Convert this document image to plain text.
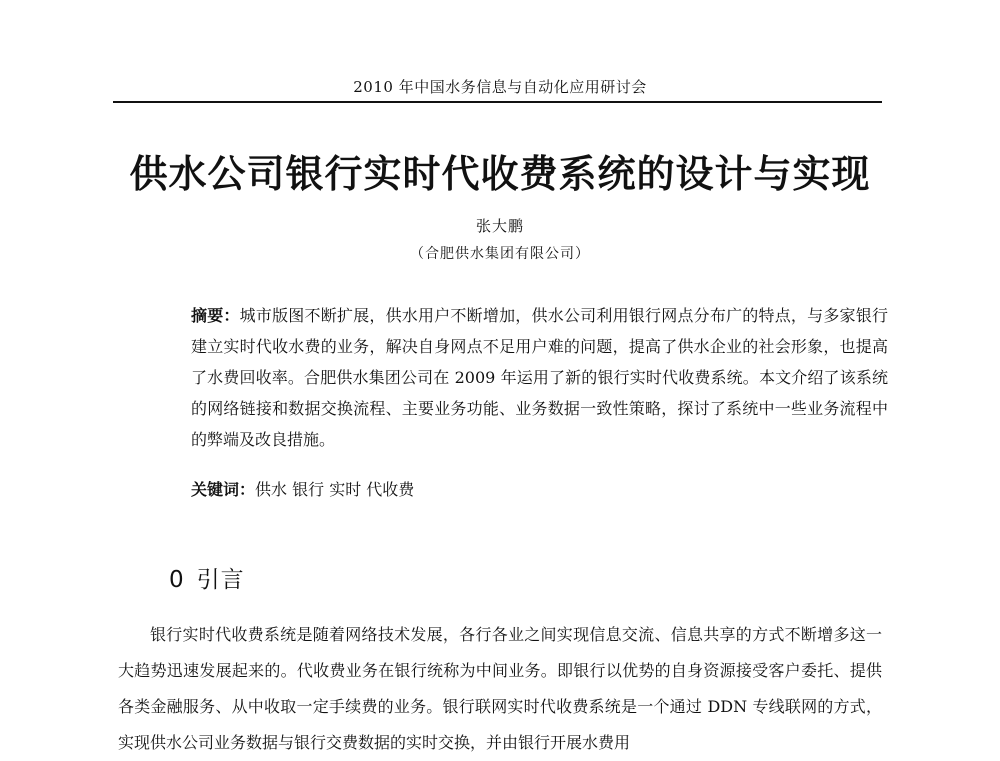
2010 年中国水务信息与自动化应用研讨会
供水公司银行实时代收费系统的设计与实现
张大鹏
（合肥供水集团有限公司）

摘要：城市版图不断扩展，供水用户不断增加，供水公司利用银行网点分布广的特点，与多家银行建立实时代收水费的业务，解决自身网点不足用户难的问题，提高了供水企业的社会形象，也提高了水费回收率。合肥供水集团公司在 2009 年运用了新的银行实时代收费系统。本文介绍了该系统的网络链接和数据交换流程、主要业务功能、业务数据一致性策略，探讨了系统中一些业务流程中的弊端及改良措施。

关键词：供水 银行 实时 代收费
0 引言

银行实时代收费系统是随着网络技术发展，各行各业之间实现信息交流、信息共享的方式不断增多这一大趋势迅速发展起来的。代收费业务在银行统称为中间业务。即银行以优势的自身资源接受客户委托、提供各类金融服务、从中收取一定手续费的业务。银行联网实时代收费系统是一个通过 DDN 专线联网的方式，实现供水公司业务数据与银行交费数据的实时交换，并由银行开展水费用
